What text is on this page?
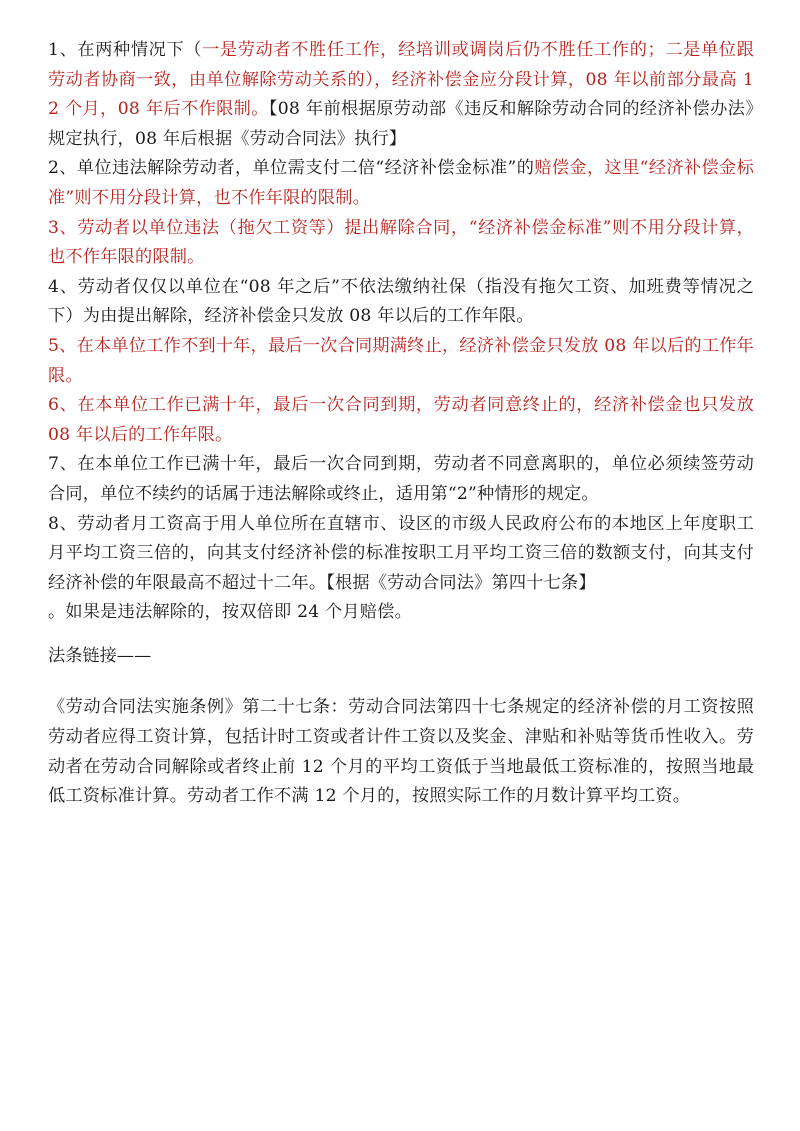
1、在两种情况下（一是劳动者不胜任工作，经培训或调岗后仍不胜任工作的；二是单位跟劳动者协商一致，由单位解除劳动关系的），经济补偿金应分段计算，08 年以前部分最高 12 个月，08 年后不作限制。【08 年前根据原劳动部《违反和解除劳动合同的经济补偿办法》规定执行，08 年后根据《劳动合同法》执行】

2、单位违法解除劳动者，单位需支付二倍“经济补偿金标准”的赔偿金，这里“经济补偿金标准”则不用分段计算，也不作年限的限制。

3、劳动者以单位违法（拖欠工资等）提出解除合同，“经济补偿金标准”则不用分段计算，也不作年限的限制。

4、劳动者仅仅以单位在“08 年之后”不依法缴纳社保（指没有拖欠工资、加班费等情况之下）为由提出解除，经济补偿金只发放 08 年以后的工作年限。

5、在本单位工作不到十年，最后一次合同期满终止，经济补偿金只发放 08 年以后的工作年限。

6、在本单位工作已满十年，最后一次合同到期，劳动者同意终止的，经济补偿金也只发放 08 年以后的工作年限。

7、在本单位工作已满十年，最后一次合同到期，劳动者不同意离职的，单位必须续签劳动合同，单位不续约的话属于违法解除或终止，适用第“2”种情形的规定。

8、劳动者月工资高于用人单位所在直辖市、设区的市级人民政府公布的本地区上年度职工月平均工资三倍的，向其支付经济补偿的标准按职工月平均工资三倍的数额支付，向其支付经济补偿的年限最高不超过十二年。【根据《劳动合同法》第四十七条】

。如果是违法解除的，按双倍即 24 个月赔偿。

法条链接——

《劳动合同法实施条例》第二十七条：劳动合同法第四十七条规定的经济补偿的月工资按照劳动者应得工资计算，包括计时工资或者计件工资以及奖金、津贴和补贴等货币性收入。劳动者在劳动合同解除或者终止前 12 个月的平均工资低于当地最低工资标准的，按照当地最低工资标准计算。劳动者工作不满 12 个月的，按照实际工作的月数计算平均工资。
